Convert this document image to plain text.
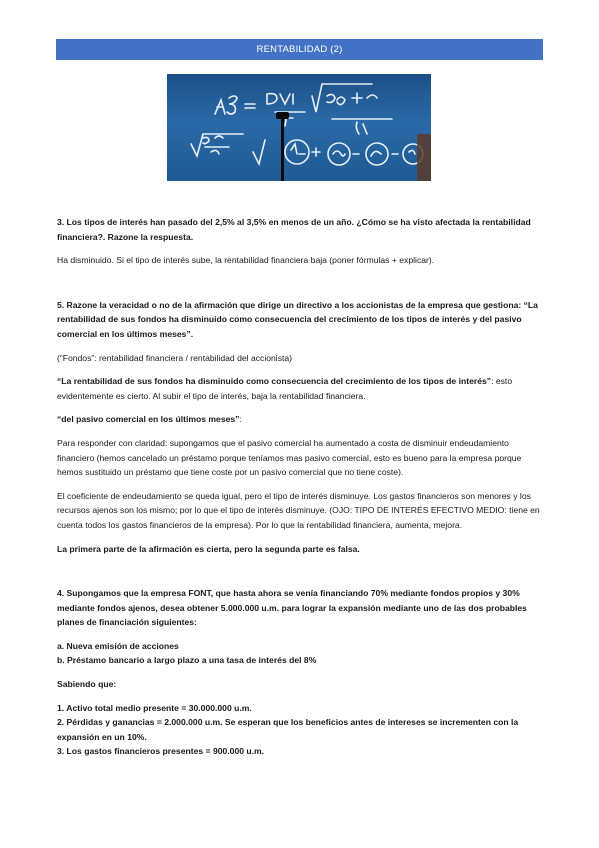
RENTABILIDAD (2)

3. Los tipos de interés han pasado del 2,5% al 3,5% en menos de un año. ¿Cómo se ha visto afectada la rentabilidad financiera?. Razone la respuesta.

Ha disminuido. Si el tipo de interés sube, la rentabilidad financiera baja (poner fórmulas + explicar).

5. Razone la veracidad o no de la afirmación que dirige un directivo a los accionistas de la empresa que gestiona: “La rentabilidad de sus fondos ha disminuido como consecuencia del crecimiento de los tipos de interés y del pasivo comercial en los últimos meses”.

(“Fondos”: rentabilidad financiera / rentabilidad del accionista)

“La rentabilidad de sus fondos ha disminuido como consecuencia del crecimiento de los tipos de interés”: esto evidentemente es cierto. Al subir el tipo de interés, baja la rentabilidad financiera.

“del pasivo comercial en los últimos meses”:

Para responder con claridad: supongamos que el pasivo comercial ha aumentado a costa de disminuir endeudamiento financiero (hemos cancelado un préstamo porque teníamos mas pasivo comercial, esto es bueno para la empresa porque hemos sustituido un préstamo que tiene coste por un pasivo comercial que no tiene coste).

El coeficiente de endeudamiento se queda igual, pero el tipo de interés disminuye. Los gastos financieros son menores y los recursos ajenos son los mismo; por lo que el tipo de interés disminuye. (OJO: TIPO DE INTERÉS EFECTIVO MEDIO: tiene en cuenta todos los gastos financieros de la empresa). Por lo que la rentabilidad financiera, aumenta, mejora.

La primera parte de la afirmación es cierta, pero la segunda parte es falsa.

4. Supongamos que la empresa FONT, que hasta ahora se venía financiando 70% mediante fondos propios y 30% mediante fondos ajenos, desea obtener 5.000.000 u.m. para lograr la expansión mediante uno de las dos probables planes de financiación siguientes:

a. Nueva emisión de acciones

b. Préstamo bancario a largo plazo a una tasa de interés del 8%

Sabiendo que:

1. Activo total medio presente = 30.000.000 u.m.

2. Pérdidas y ganancias = 2.000.000 u.m. Se esperan que los beneficios antes de intereses se incrementen con la expansión en un 10%.

3. Los gastos financieros presentes = 900.000 u.m.
